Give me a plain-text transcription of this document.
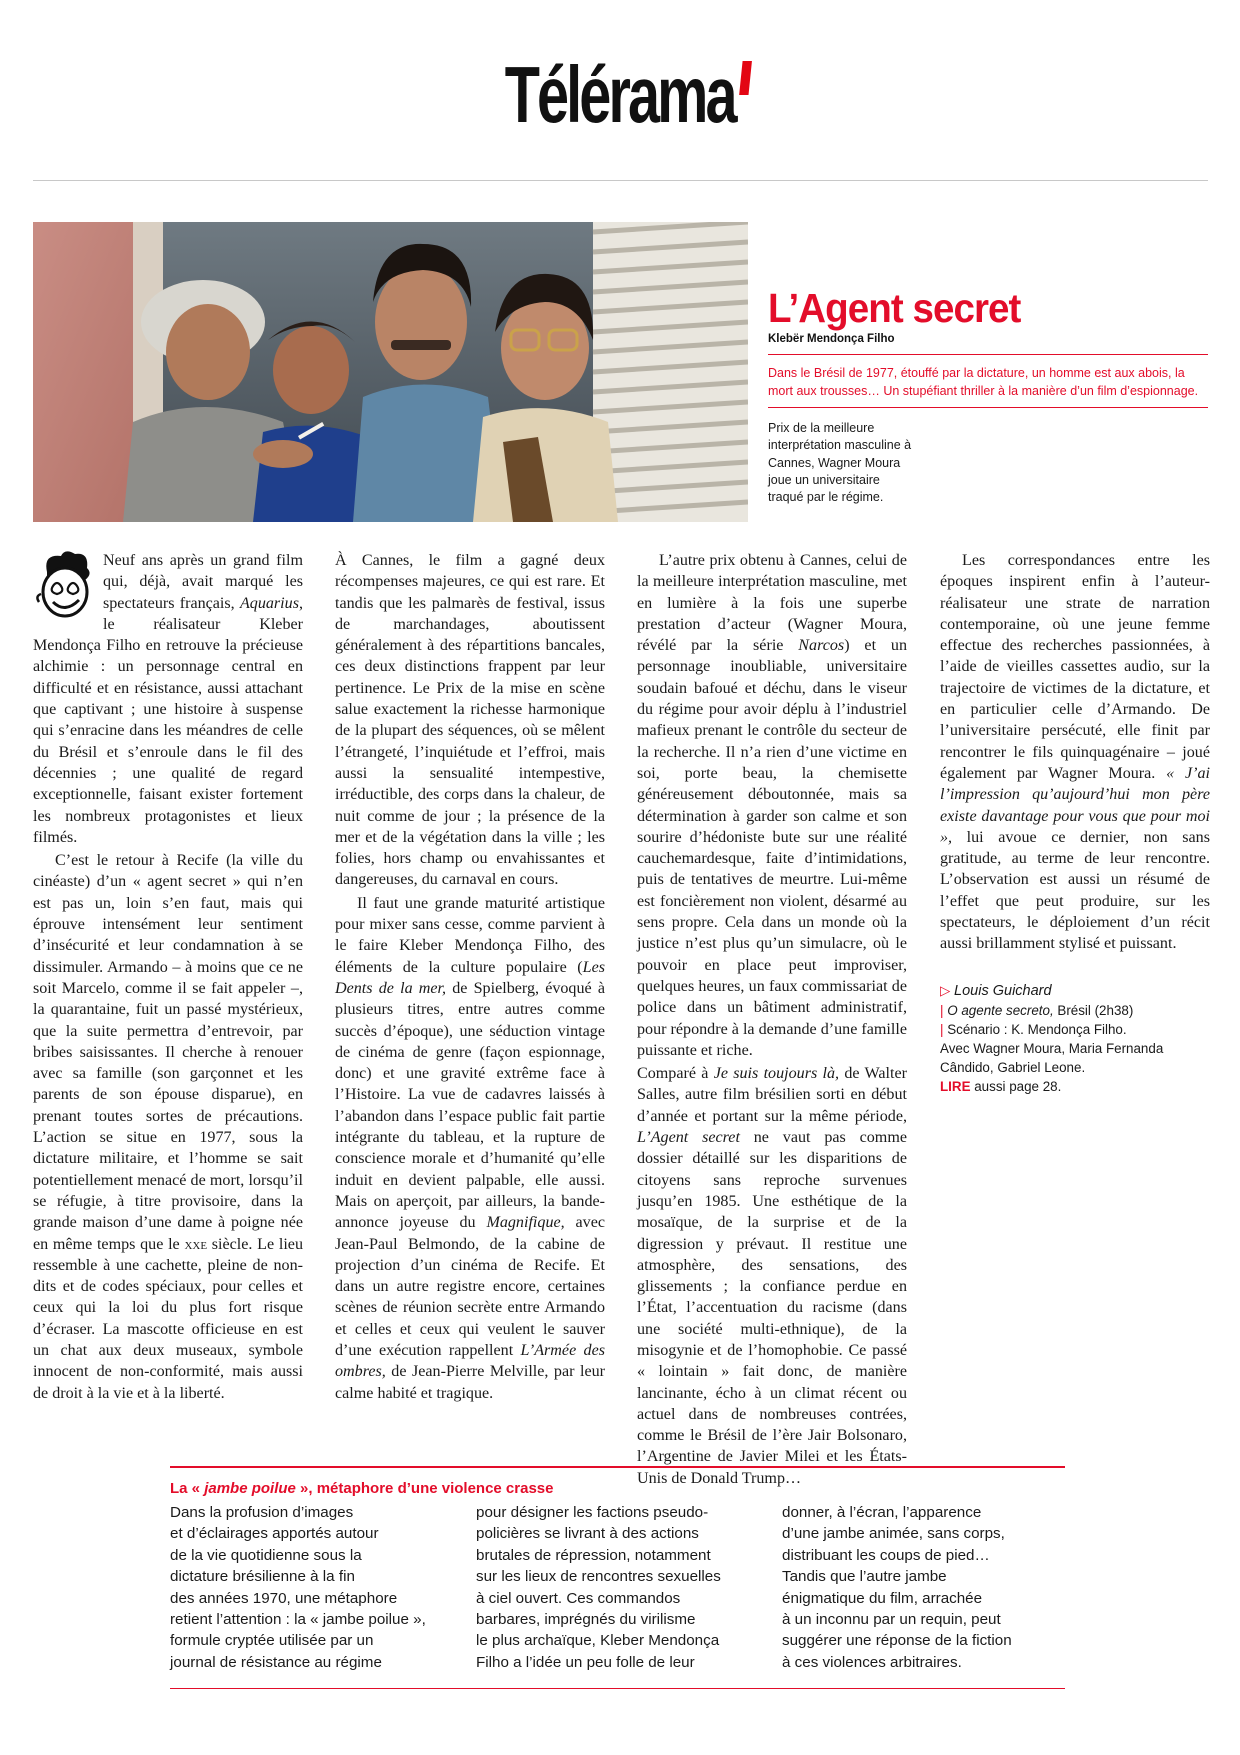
Télérama
L’Agent secret
Klebër Mendonça Filho
Dans le Brésil de 1977, étouffé par la dictature, un homme est aux abois, la mort aux trousses… Un stupéfiant thriller à la manière d’un film d’espionnage.
Prix de la meilleure interprétation masculine à Cannes, Wagner Moura joue un universitaire traqué par le régime.

Neuf ans après un grand film qui, déjà, avait marqué les spectateurs français, Aquarius, le réalisateur Kleber Mendonça Filho en retrouve la précieuse alchimie : un personnage central en difficulté et en résistance, aussi attachant que captivant ; une histoire à suspense qui s’enracine dans les méandres de celle du Brésil et s’enroule dans le fil des décennies ; une qualité de regard exceptionnelle, faisant exister fortement les nombreux protagonistes et lieux filmés.

C’est le retour à Recife (la ville du cinéaste) d’un « agent secret » qui n’en est pas un, loin s’en faut, mais qui éprouve intensément leur sentiment d’insécurité et leur condamnation à se dissimuler. Armando – à moins que ce ne soit Marcelo, comme il se fait appeler –, la quarantaine, fuit un passé mystérieux, que la suite permettra d’entrevoir, par bribes saisissantes. Il cherche à renouer avec sa famille (son garçonnet et les parents de son épouse disparue), en prenant toutes sortes de précautions. L’action se situe en 1977, sous la dictature militaire, et l’homme se sait potentiellement menacé de mort, lorsqu’il se réfugie, à titre provisoire, dans la grande maison d’une dame à poigne née en même temps que le xxe siècle. Le lieu ressemble à une cachette, pleine de non-dits et de codes spéciaux, pour celles et ceux qui la loi du plus fort risque d’écraser. La mascotte officieuse en est un chat aux deux museaux, symbole innocent de non-conformité, mais aussi de droit à la vie et à la liberté.

À Cannes, le film a gagné deux récompenses majeures, ce qui est rare. Et tandis que les palmarès de festival, issus de marchandages, aboutissent généralement à des répartitions bancales, ces deux distinctions frappent par leur pertinence. Le Prix de la mise en scène salue exactement la richesse harmonique de la plupart des séquences, où se mêlent l’étrangeté, l’inquiétude et l’effroi, mais aussi la sensualité intempestive, irréductible, des corps dans la chaleur, de nuit comme de jour ; la présence de la mer et de la végétation dans la ville ; les folies, hors champ ou envahissantes et dangereuses, du carnaval en cours.

Il faut une grande maturité artistique pour mixer sans cesse, comme parvient à le faire Kleber Mendonça Filho, des éléments de la culture populaire (Les Dents de la mer, de Spielberg, évoqué à plusieurs titres, entre autres comme succès d’époque), une séduction vintage de cinéma de genre (façon espionnage, donc) et une gravité extrême face à l’Histoire. La vue de cadavres laissés à l’abandon dans l’espace public fait partie intégrante du tableau, et la rupture de conscience morale et d’humanité qu’elle induit en devient palpable, elle aussi. Mais on aperçoit, par ailleurs, la bande-annonce joyeuse du Magnifique, avec Jean-Paul Belmondo, de la cabine de projection d’un cinéma de Recife. Et dans un autre registre encore, certaines scènes de réunion secrète entre Armando et celles et ceux qui veulent le sauver d’une exécution rappellent L’Armée des ombres, de Jean-Pierre Melville, par leur calme habité et tragique.

L’autre prix obtenu à Cannes, celui de la meilleure interprétation masculine, met en lumière à la fois une superbe prestation d’acteur (Wagner Moura, révélé par la série Narcos) et un personnage inoubliable, universitaire soudain bafoué et déchu, dans le viseur du régime pour avoir déplu à l’industriel mafieux prenant le contrôle du secteur de la recherche. Il n’a rien d’une victime en soi, porte beau, la chemisette généreusement déboutonnée, mais sa détermination à garder son calme et son sourire d’hédoniste bute sur une réalité cauchemardesque, faite d’intimidations, puis de tentatives de meurtre. Lui-même est foncièrement non violent, désarmé au sens propre. Cela dans un monde où la justice n’est plus qu’un simulacre, où le pouvoir en place peut improviser, quelques heures, un faux commissariat de police dans un bâtiment administratif, pour répondre à la demande d’une famille puissante et riche.

Comparé à Je suis toujours là, de Walter Salles, autre film brésilien sorti en début d’année et portant sur la même période, L’Agent secret ne vaut pas comme dossier détaillé sur les disparitions de citoyens sans reproche survenues jusqu’en 1985. Une esthétique de la mosaïque, de la surprise et de la digression y prévaut. Il restitue une atmosphère, des sensations, des glissements ; la confiance perdue en l’État, l’accentuation du racisme (dans une société multi-ethnique), de la misogynie et de l’homophobie. Ce passé « lointain » fait donc, de manière lancinante, écho à un climat récent ou actuel dans de nombreuses contrées, comme le Brésil de l’ère Jair Bolsonaro, l’Argentine de Javier Milei et les États-Unis de Donald Trump…

Les correspondances entre les époques inspirent enfin à l’auteur-réalisateur une strate de narration contemporaine, où une jeune femme effectue des recherches passionnées, à l’aide de vieilles cassettes audio, sur la trajectoire de victimes de la dictature, et en particulier celle d’Armando. De l’universitaire persécuté, elle finit par rencontrer le fils quinquagénaire – joué également par Wagner Moura. « J’ai l’impression qu’aujourd’hui mon père existe davantage pour vous que pour moi », lui avoue ce dernier, non sans gratitude, au terme de leur rencontre. L’observation est aussi un résumé de l’effet que peut produire, sur les spectateurs, le déploiement d’un récit aussi brillamment stylisé et puissant.

▷ Louis Guichard
| O agente secreto, Brésil (2h38)
| Scénario : K. Mendonça Filho.
Avec Wagner Moura, Maria Fernanda Cândido, Gabriel Leone.
LIRE aussi page 28.
La « jambe poilue », métaphore d’une violence crasse
Dans la profusion d’images
et d’éclairages apportés autour
de la vie quotidienne sous la
dictature brésilienne à la fin
des années 1970, une métaphore
retient l’attention : la « jambe poilue »,
formule cryptée utilisée par un
journal de résistance au régime
pour désigner les factions pseudo-
policières se livrant à des actions
brutales de répression, notamment
sur les lieux de rencontres sexuelles
à ciel ouvert. Ces commandos
barbares, imprégnés du virilisme
le plus archaïque, Kleber Mendonça
Filho a l’idée un peu folle de leur
donner, à l’écran, l’apparence
d’une jambe animée, sans corps,
distribuant les coups de pied…
Tandis que l’autre jambe
énigmatique du film, arrachée
à un inconnu par un requin, peut
suggérer une réponse de la fiction
à ces violences arbitraires.
